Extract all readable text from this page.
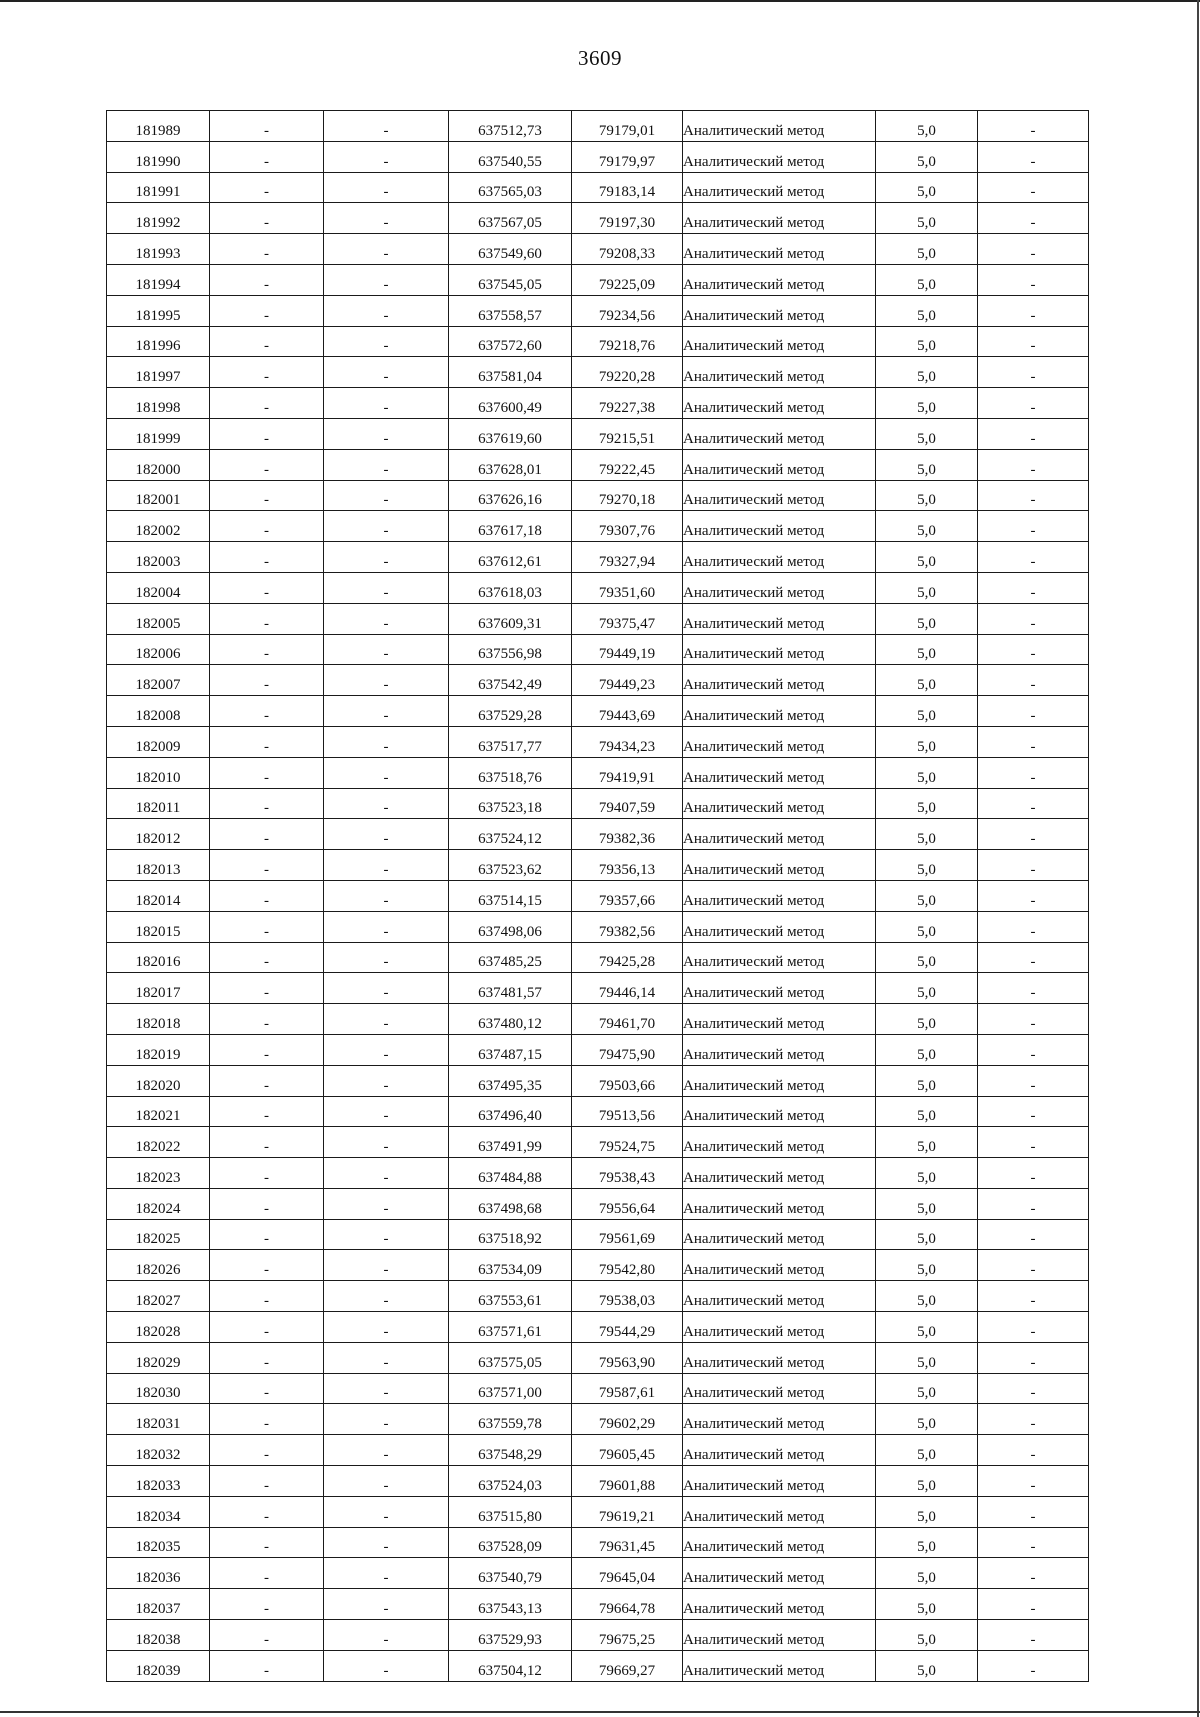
3609
181989	-	-	637512,73	79179,01	Аналитический метод	5,0	-
181990	-	-	637540,55	79179,97	Аналитический метод	5,0	-
181991	-	-	637565,03	79183,14	Аналитический метод	5,0	-
181992	-	-	637567,05	79197,30	Аналитический метод	5,0	-
181993	-	-	637549,60	79208,33	Аналитический метод	5,0	-
181994	-	-	637545,05	79225,09	Аналитический метод	5,0	-
181995	-	-	637558,57	79234,56	Аналитический метод	5,0	-
181996	-	-	637572,60	79218,76	Аналитический метод	5,0	-
181997	-	-	637581,04	79220,28	Аналитический метод	5,0	-
181998	-	-	637600,49	79227,38	Аналитический метод	5,0	-
181999	-	-	637619,60	79215,51	Аналитический метод	5,0	-
182000	-	-	637628,01	79222,45	Аналитический метод	5,0	-
182001	-	-	637626,16	79270,18	Аналитический метод	5,0	-
182002	-	-	637617,18	79307,76	Аналитический метод	5,0	-
182003	-	-	637612,61	79327,94	Аналитический метод	5,0	-
182004	-	-	637618,03	79351,60	Аналитический метод	5,0	-
182005	-	-	637609,31	79375,47	Аналитический метод	5,0	-
182006	-	-	637556,98	79449,19	Аналитический метод	5,0	-
182007	-	-	637542,49	79449,23	Аналитический метод	5,0	-
182008	-	-	637529,28	79443,69	Аналитический метод	5,0	-
182009	-	-	637517,77	79434,23	Аналитический метод	5,0	-
182010	-	-	637518,76	79419,91	Аналитический метод	5,0	-
182011	-	-	637523,18	79407,59	Аналитический метод	5,0	-
182012	-	-	637524,12	79382,36	Аналитический метод	5,0	-
182013	-	-	637523,62	79356,13	Аналитический метод	5,0	-
182014	-	-	637514,15	79357,66	Аналитический метод	5,0	-
182015	-	-	637498,06	79382,56	Аналитический метод	5,0	-
182016	-	-	637485,25	79425,28	Аналитический метод	5,0	-
182017	-	-	637481,57	79446,14	Аналитический метод	5,0	-
182018	-	-	637480,12	79461,70	Аналитический метод	5,0	-
182019	-	-	637487,15	79475,90	Аналитический метод	5,0	-
182020	-	-	637495,35	79503,66	Аналитический метод	5,0	-
182021	-	-	637496,40	79513,56	Аналитический метод	5,0	-
182022	-	-	637491,99	79524,75	Аналитический метод	5,0	-
182023	-	-	637484,88	79538,43	Аналитический метод	5,0	-
182024	-	-	637498,68	79556,64	Аналитический метод	5,0	-
182025	-	-	637518,92	79561,69	Аналитический метод	5,0	-
182026	-	-	637534,09	79542,80	Аналитический метод	5,0	-
182027	-	-	637553,61	79538,03	Аналитический метод	5,0	-
182028	-	-	637571,61	79544,29	Аналитический метод	5,0	-
182029	-	-	637575,05	79563,90	Аналитический метод	5,0	-
182030	-	-	637571,00	79587,61	Аналитический метод	5,0	-
182031	-	-	637559,78	79602,29	Аналитический метод	5,0	-
182032	-	-	637548,29	79605,45	Аналитический метод	5,0	-
182033	-	-	637524,03	79601,88	Аналитический метод	5,0	-
182034	-	-	637515,80	79619,21	Аналитический метод	5,0	-
182035	-	-	637528,09	79631,45	Аналитический метод	5,0	-
182036	-	-	637540,79	79645,04	Аналитический метод	5,0	-
182037	-	-	637543,13	79664,78	Аналитический метод	5,0	-
182038	-	-	637529,93	79675,25	Аналитический метод	5,0	-
182039	-	-	637504,12	79669,27	Аналитический метод	5,0	-
